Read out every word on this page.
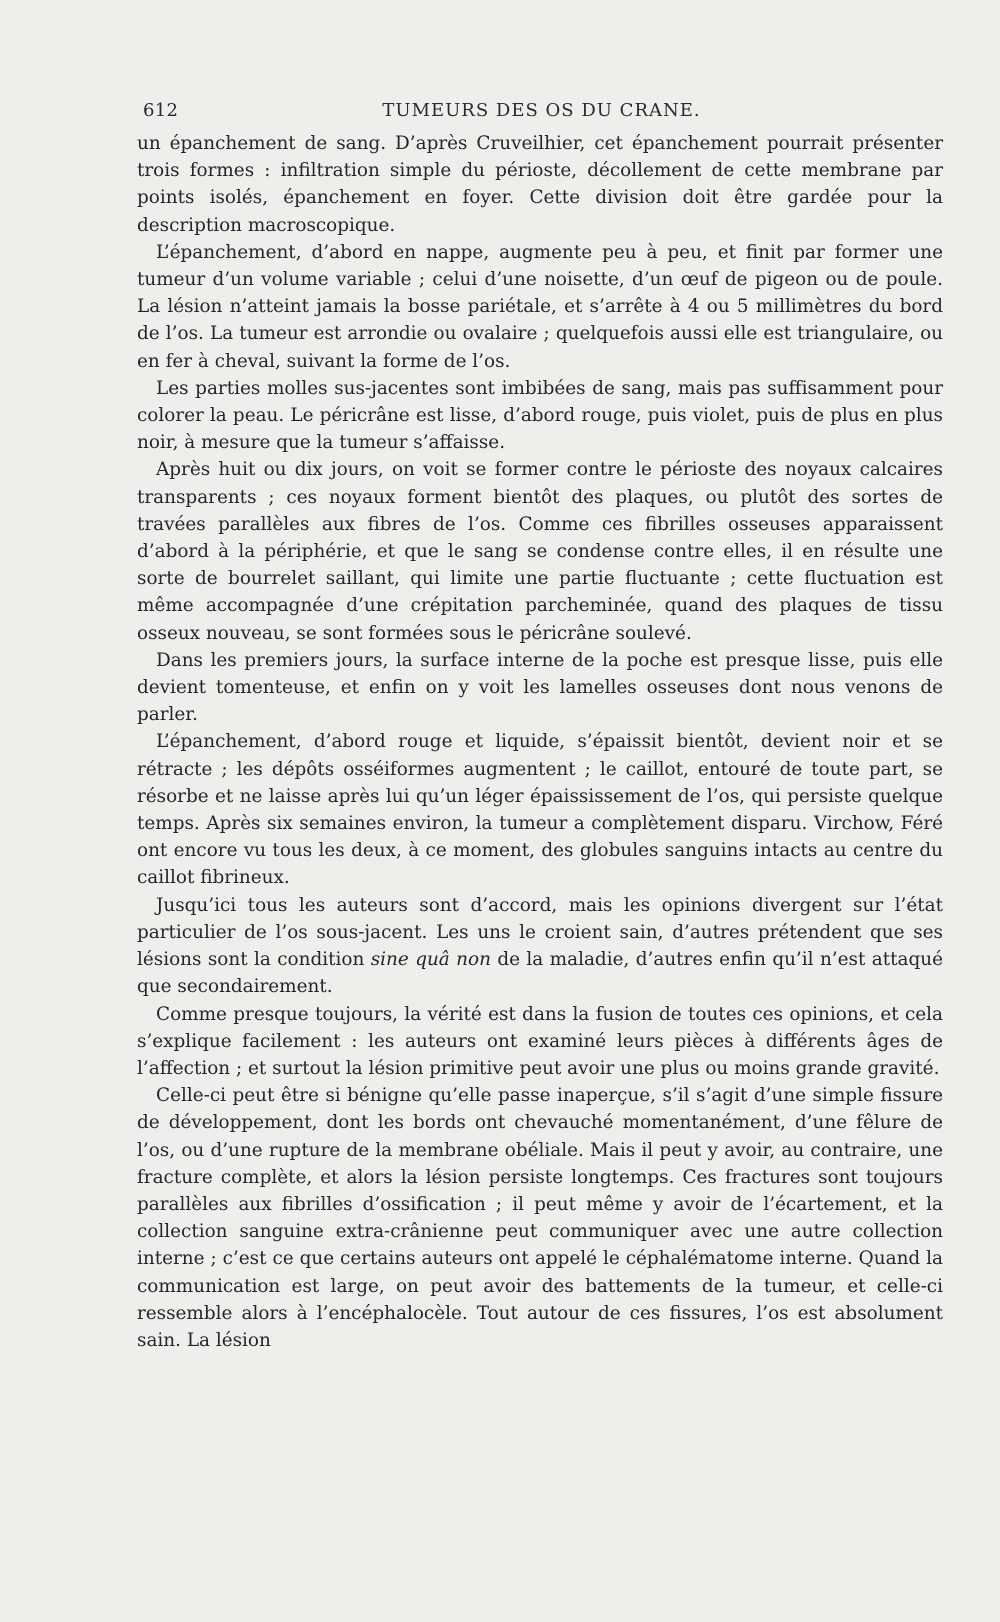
612	TUMEURS DES OS DU CRANE.

un épanchement de sang. D’après Cruveilhier, cet épanchement pourrait présenter trois formes : infiltration simple du périoste, décollement de cette membrane par points isolés, épanchement en foyer. Cette division doit être gardée pour la description macroscopique.

L’épanchement, d’abord en nappe, augmente peu à peu, et finit par former une tumeur d’un volume variable ; celui d’une noisette, d’un œuf de pigeon ou de poule. La lésion n’atteint jamais la bosse pariétale, et s’arrête à 4 ou 5 millimètres du bord de l’os. La tumeur est arrondie ou ovalaire ; quelquefois aussi elle est triangulaire, ou en fer à cheval, suivant la forme de l’os.

Les parties molles sus-jacentes sont imbibées de sang, mais pas suffisamment pour colorer la peau. Le péricrâne est lisse, d’abord rouge, puis violet, puis de plus en plus noir, à mesure que la tumeur s’affaisse.

Après huit ou dix jours, on voit se former contre le périoste des noyaux calcaires transparents ; ces noyaux forment bientôt des plaques, ou plutôt des sortes de travées parallèles aux fibres de l’os. Comme ces fibrilles osseuses apparaissent d’abord à la périphérie, et que le sang se condense contre elles, il en résulte une sorte de bourrelet saillant, qui limite une partie fluctuante ; cette fluctuation est même accompagnée d’une crépitation parcheminée, quand des plaques de tissu osseux nouveau, se sont formées sous le péricrâne soulevé.

Dans les premiers jours, la surface interne de la poche est presque lisse, puis elle devient tomenteuse, et enfin on y voit les lamelles osseuses dont nous venons de parler.

L’épanchement, d’abord rouge et liquide, s’épaissit bientôt, devient noir et se rétracte ; les dépôts osséiformes augmentent ; le caillot, entouré de toute part, se résorbe et ne laisse après lui qu’un léger épaississement de l’os, qui persiste quelque temps. Après six semaines environ, la tumeur a complètement disparu. Virchow, Féré ont encore vu tous les deux, à ce moment, des globules sanguins intacts au centre du caillot fibrineux.

Jusqu’ici tous les auteurs sont d’accord, mais les opinions divergent sur l’état particulier de l’os sous-jacent. Les uns le croient sain, d’autres prétendent que ses lésions sont la condition sine quâ non de la maladie, d’autres enfin qu’il n’est attaqué que secondairement.

Comme presque toujours, la vérité est dans la fusion de toutes ces opinions, et cela s’explique facilement : les auteurs ont examiné leurs pièces à différents âges de l’affection ; et surtout la lésion primitive peut avoir une plus ou moins grande gravité.

Celle-ci peut être si bénigne qu’elle passe inaperçue, s’il s’agit d’une simple fissure de développement, dont les bords ont chevauché momentanément, d’une fêlure de l’os, ou d’une rupture de la membrane obéliale. Mais il peut y avoir, au contraire, une fracture complète, et alors la lésion persiste longtemps. Ces fractures sont toujours parallèles aux fibrilles d’ossification ; il peut même y avoir de l’écartement, et la collection sanguine extra-crânienne peut communiquer avec une autre collection interne ; c’est ce que certains auteurs ont appelé le céphalématome interne. Quand la communication est large, on peut avoir des battements de la tumeur, et celle-ci ressemble alors à l’encéphalocèle. Tout autour de ces fissures, l’os est absolument sain. La lésion
